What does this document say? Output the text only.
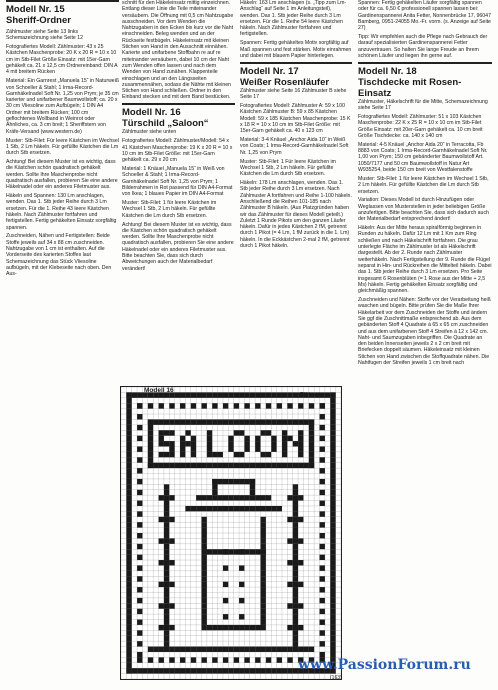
Modell Nr. 15
Sheriff-Ordner

Zählmuster siehe Seite 13 links Schemazeichnung siehe Seite 12

Fotografiertes Modell: Zählmuster: 43 x 25 Kästchen Maschenprobe: 20 K x 20 R = 10 x 10 cm im Stb-Filet Größe Einsatz: mit 15er-Garn gehäkelt ca. 21 x 12,5 cm Ordnereinband: DIN A 4 mit breitem Rücken

Material: Ein Garnrest „Manuela 15“ in Naturweiß von Schoeller & Stahl; 1 Irma-Record-Garnhäkelnadel Soft Nr. 1,25 von Prym; je 35 cm karierter und unifarbener Baumwollstoff; ca. 20 x 30 cm Vliesoline zum Aufbügeln; 1 DIN A4 Ordner mit breitem Rücken; 100 cm geflochtenes Wollband in Weinrot oder Ähnliches, ca. 3 cm breit; 1 Sheriffstern von Kräfe-Versand (www.western.de)

Muster: Stb-Filet: Für leere Kästchen im Wechsel 1 Stb, 2 Lm häkeln. Für gefüllte Kästchen die Lm durch Stb ersetzen.

Achtung! Bei diesem Muster ist es wichtig, dass die Kästchen schön quadratisch gehäkelt werden. Sollte Ihre Maschenprobe nicht quadratisch ausfallen, probieren Sie eine andere Häkelnadel oder ein anderes Filetmuster aus.

Häkeln und Spannen: 130 Lm anschlagen, wenden. Das 1. Stb jeder Reihe durch 3 Lm ersetzen. Für die 1. Reihe 43 leere Kästchen häkeln. Nach Zählmuster fortfahren und fertigstellen. Fertig gehäkelten Einsatz sorgfältig spannen.

Zuschneiden, Nähen und Fertigstellen: Beide Stoffe jeweils auf 34 x 88 cm zuschneiden. Nahtzugabe von 1 cm ist enthalten. Auf die Vorderseite des karierten Stoffes laut Schemazeichnung das Stück Vliesoline aufbügeln, mit der Klebeseite nach oben. Den Aus-

schnitt für den Häkeleinsatz mittig einzeichnen. Entlang dieser Linie die Teile miteinander versäubern. Die Öffnung mit 0,5 cm Nahtzugabe ausschneiden. Vor dem Wenden die Nahtzugaben in den Ecken bis kurz vor die Naht einschneiden. Beleg wenden und an der Rückseite festbügeln. Häkeleinsatz mit kleinen Stichen von Hand in den Ausschnitt einnähen. Karierte und unifarbene Stoffbahn re auf re miteinander versäubern, dabei 10 cm der Naht zum Wenden offen lassen und nach dem Wenden von Hand zunähen. Klappenteile einschlagen und an den Längsseiten zusammennähen, sodass die Nähte mit kleinen Stichen von Hand schließen. Ordner in den Einband stecken und mit dem Band bestücken.

Modell Nr. 16
Türschild „Saloon“

Zählmuster siehe unten

Fotografiertes Modell: Zählmuster/Modell: 54 x 41 Kästchen Maschenprobe: 19 K x 20 R = 10 x 10 cm im Stb-Filet Größe: mit 15er-Garn gehäkelt ca. 29 x 20 cm

Material: 1 Knäuel „Manuela 15“ in Weiß von Schoeller & Stahl; 1 Irma-Record-Garnhäkelnadel Soft Nr. 1,25 von Prym; 1 Bilderrahmen in Rot passend für DIN A4-Format von Ikea; 1 blaues Papier im DIN A4-Format

Muster: Stb-Filet: 1 für leere Kästchen im Wechsel 1 Stb, 2 Lm häkeln. Für gefüllte Kästchen die Lm durch Stb ersetzen.

Achtung! Bei diesem Muster ist es wichtig, dass die Kästchen schön quadratisch gehäkelt werden. Sollte Ihre Maschenprobe nicht quadratisch ausfallen, probieren Sie eine andere Häkelnadel oder ein anderes Filetmuster aus. Bitte beachten Sie, dass sich durch Abweichungen auch der Materialbedarf verändert!

Häkeln: 163 Lm anschlagen (s. „Tipp zum Lm-Anschlag“ auf Seite 1 im Anleitungsteil), wenden. Das 1. Stb jeder Reihe durch 3 Lm ersetzen. Für die 1. Reihe 54 leere Kästchen häkeln. Nach Zählmuster fortfahren und fertigstellen.

Spannen: Fertig gehäkeltes Motiv sorgfältig auf Maß spannen und fest stärken. Motiv einrahmen und dabei mit blauem Papier hinterlegen.

Modell Nr. 17
Weißer Rosenläufer

Zählmuster siehe Seite 16 Zählmuster B siehe Seite 17

Fotografiertes Modell: Zählmuster A: 59 x 100 Kästchen Zählmuster B: 59 x 85 Kästchen Modell: 59 x 185 Kästchen Maschenprobe: 15 K x 18 R = 10 x 10 cm im Stb-Filet Größe: mit 15er-Garn gehäkelt ca. 40 x 123 cm

Material: 3-4 Knäuel „Anchor Aida 10“ in Weiß von Coats; 1 Irma-Record-Garnhäkelnadel Soft Nr. 1,25 von Prym

Muster: Stb-Filet: 1 Für leere Kästchen im Wechsel 1 Stb, 2 Lm häkeln. Für gefüllte Kästchen die Lm durch Stb ersetzen.

Häkeln: 178 Lm anschlagen, wenden. Das 1. Stb jeder Reihe durch 3 Lm ersetzen. Nach Zählmuster A fortfahren und Reihe 1-100 häkeln. Anschließend die Reihen 101-185 nach Zählmuster B häkeln. (Aus Platzgründen haben wir das Zählmuster für dieses Modell geteilt.) Zuletzt 1 Runde Pikots um den ganzen Läufer häkeln. Dafür in jedes Kästchen 2 fM, getrennt durch 1 Pikot (= 4 Lm, 1 fM zurück in die 1. Lm) häkeln. In die Eckkästchen 2-mal 2 fM, getrennt durch 1 Pikot häkeln.

Spannen: Fertig gehäkelten Läufer sorgfältig spannen oder für ca. 6,50 € professionell spannen lassen bei: Gardinenspannerei Anita Fetter, Nonnenbrücke 17, 96047 Bamberg, 0951-24055 Mo.-Fr. vorm. (s. Anzeige auf Seite 27)

Tipp: Wir empfehlen auch die Pflege nach Gebrauch der darauf spezialisierten Gardinenspannerei Fetter anzuvertrauen. So halten Sie lange Freude an Ihrem schönen Läufer und liegen ihn gerne auf.

Modell Nr. 18
Tischdecke mit Rosen-Einsatz

Zählmuster, Häkelschrift für die Mitte, Schemazeichnung siehe Seite 17

Fotografiertes Modell: Zählmuster: 51 x 103 Kästchen Maschenprobe: 22 K x 25 R = 10 x 10 cm im Stb-Filet Größe Einsatz: mit 20er-Garn gehäkelt ca. 10 cm breit Größe Tischdecke: ca. 140 x 140 cm

Material: 4-5 Knäuel „Anchor Aida 20“ in Terracotta, Fb 8883 von Coats; 1 Irma-Record-Garnhäkelnadel Soft Nr. 1,00 von Prym; 150 cm gebänderter Baumwollstoff Art. 1050/7177 und 50 cm Baumwollstoff in Natur Art W935254, beide 150 cm breit von Westfalenstoffe

Muster: Stb-Filet: 1 für leere Kästchen im Wechsel 1 Stb, 2 Lm häkeln. Für gefüllte Kästchen die Lm durch Stb ersetzen.

Variation: Dieses Modell ist durch Hinzufügen oder Weglassen von Musterstellen in jeder beliebigen Größe anzufertigen. Bitte beachten Sie, dass sich dadurch auch der Materialbedarf entsprechend ändert!

Häkeln: Aus der Mitte heraus spiralförmig beginnen in Runden zu häkeln. Dafür 12 Lm mit 1 Km zum Ring schließen und nach Häkelschrift fortfahren. Die grau unterlegte Fläche im Zählmuster ist als Häkelschrift dargestellt. Ab der 2. Runde nach Zählmuster weiterhäkeln. Nach Fertigstellung der 9. Runde die Flügel separat in Hin- und Rückreihen die Mittelteil häkeln. Dabei das 1. Stb jeder Reihe durch 3 Lm ersetzen. Pro Seite insgesamt 6 Rosenblüten (= 1 Rose aus der Mitte + 2,5 Ms) häkeln. Fertig gehäkelten Einsatz sorgfältig und gleichmäßig spannen.

Zuschneiden und Nähen: Stoffe vor der Verarbeitung heiß waschen und bügeln. Bitte prüfen Sie die Maße Ihrer Häkelarbeit vor dem Zuschneiden der Stoffe und ändern Sie ggf die Zuschnittmaße entsprechend ab. Aus dem gebänderten Stoff 4 Quadrate à 65 x 65 cm zuschneiden und aus dem unifarbenen Stoff 4 Streifen à 12 x 142 cm. Naht- und Saumzugaben inbegriffen. Die Quadrate an den beiden Innenseiten jeweils 2 x 2 cm breit mit Briefecken doppelt säumen. Häkeleinsatz mit kleinen Stichen von Hand zwischen die Stoffquadrate nähen. Die Nahtfugen der Streifen jeweils 1 cm breit nach

Modell 16
Zählmuster
(163)
www.PassionForum.ru
